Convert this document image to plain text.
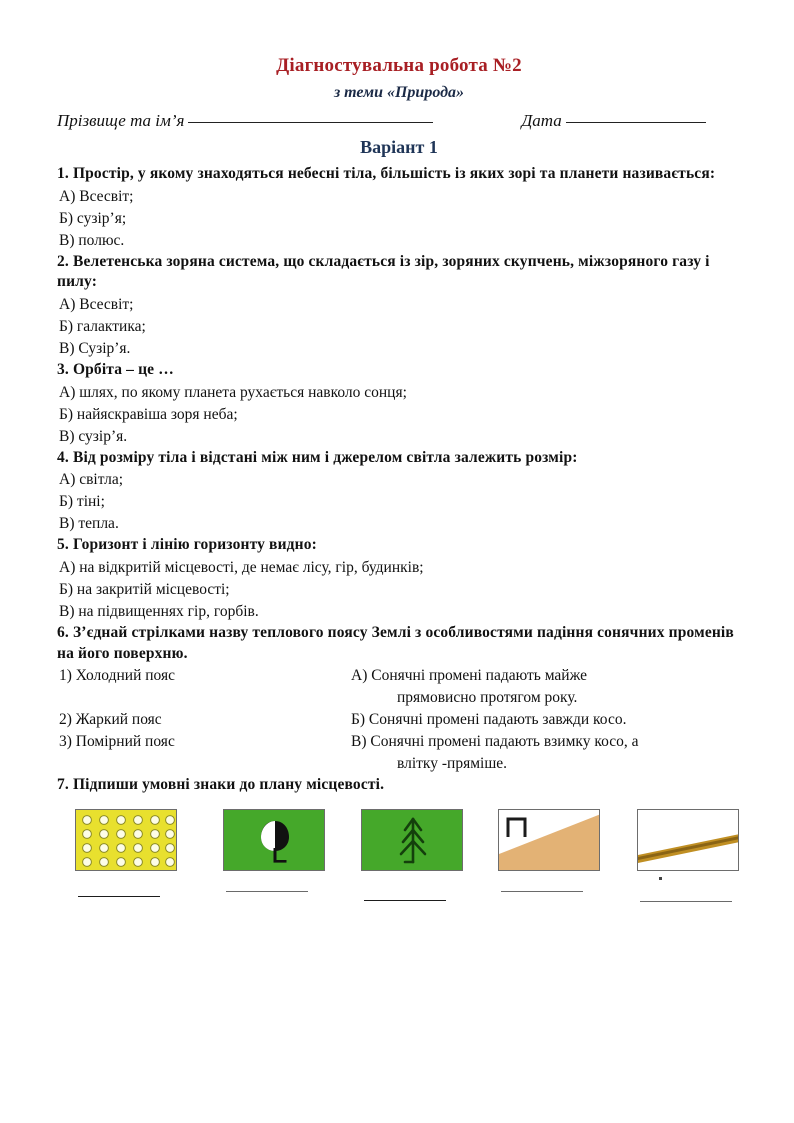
Діагностувальна робота №2
з теми «Природа»
Прізвище та ім’я	Дата
Варіант 1
1. Простір, у якому знаходяться небесні тіла, більшість із яких зорі та планети називається:
А) Всесвіт;
Б) сузір’я;
В) полюс.
2. Велетенська зоряна система, що складається із зір, зоряних скупчень, міжзоряного газу і пилу:
А) Всесвіт;
Б) галактика;
В) Сузір’я.
3. Орбіта – це …
А) шлях, по якому планета рухається навколо сонця;
Б) найяскравіша зоря неба;
В) сузір’я.
4. Від розміру тіла і відстані між ним і джерелом світла залежить розмір:
А) світла;
Б) тіні;
В) тепла.
5. Горизонт і лінію горизонту видно:
А) на відкритій місцевості, де немає лісу, гір, будинків;
Б) на закритій місцевості;
В) на підвищеннях гір, горбів.
6. З’єднай стрілками назву теплового поясу Землі з особливостями падіння сонячних променів на його поверхню.
1) Холодний пояс	А) Сонячні промені падають майже
прямовисно протягом року.
2) Жаркий пояс	Б) Сонячні промені падають завжди косо.
3) Помірний пояс	В) Сонячні промені падають взимку косо, а
влітку -пряміше.
7. Підпиши умовні знаки до плану місцевості.
